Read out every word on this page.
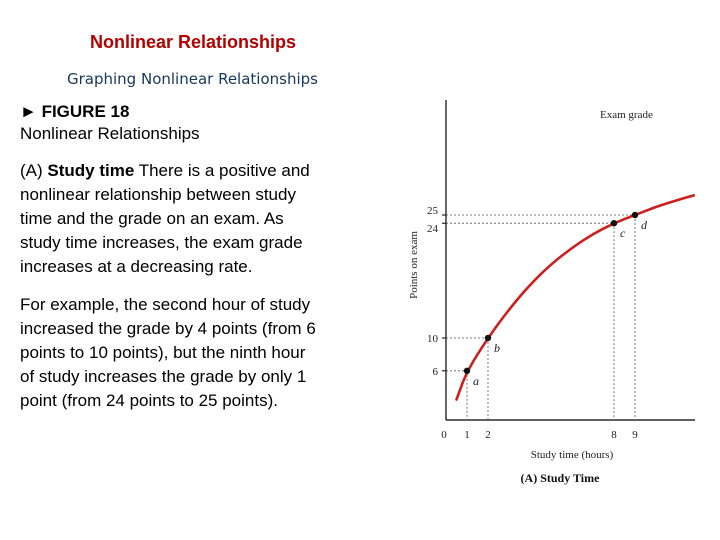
Nonlinear Relationships
Graphing Nonlinear Relationships
► FIGURE 18
Nonlinear Relationships
(A) Study time There is a positive and nonlinear relationship between study time and the grade on an exam. As study time increases, the exam grade increases at a decreasing rate.
For example, the second hour of study increased the grade by 4 points (from 6 points to 10 points), but the ninth hour of study increases the grade by only 1 point (from 24 points to 25 points).
a
b
c
d
6
10
24
25
0 1 2	8 9
Study time (hours)
Points on exam
Exam grade
(A) Study Time
